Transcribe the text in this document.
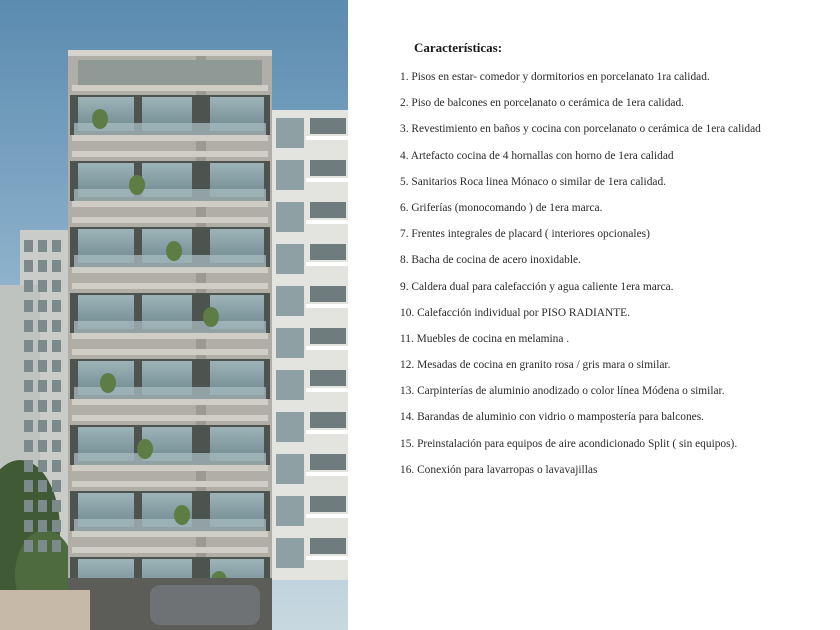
Características:
1. Pisos en estar- comedor y dormitorios en porcelanato 1ra calidad.
2. Piso de balcones en porcelanato o cerámica de 1era calidad.
3. Revestimiento en baños y cocina con porcelanato o cerámica de 1era calidad
4. Artefacto cocina de 4 hornallas con horno de 1era calidad
5. Sanitarios Roca linea Mónaco o similar de 1era calidad.
6. Griferías (monocomando ) de 1era marca.
7. Frentes integrales de placard ( interiores opcionales)
8. Bacha de cocina de acero inoxidable.
9. Caldera dual para calefacción y agua caliente 1era marca.
10. Calefacción individual por PISO RADIANTE.
11. Muebles de cocina en melamina .
12. Mesadas de cocina en granito rosa / gris mara o similar.
13. Carpinterías de aluminio anodizado o color línea Módena o similar.
14. Barandas de aluminio con vidrio o mampostería para balcones.
15. Preinstalación para equipos de aire acondicionado Split ( sin equipos).
16. Conexión para lavarropas o lavavajillas
